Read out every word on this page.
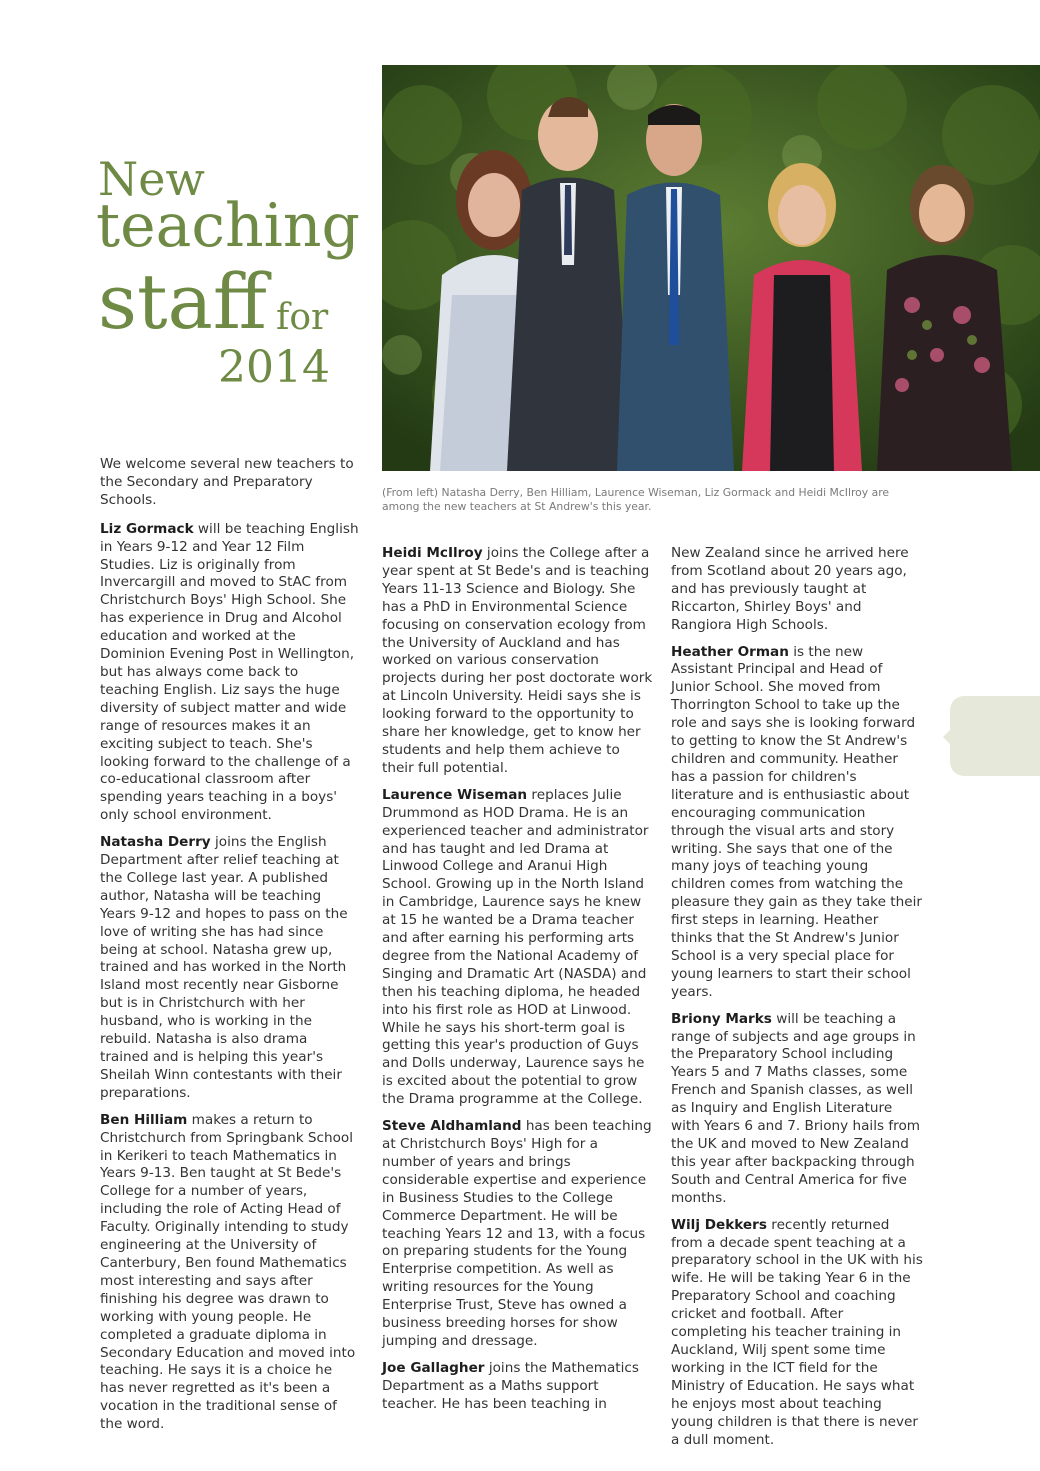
New
teaching
staff for
2014
(From left) Natasha Derry, Ben Hilliam, Laurence Wiseman, Liz Gormack and Heidi McIlroy are among the new teachers at St Andrew's this year.

We welcome several new teachers to the Secondary and Preparatory Schools.

Liz Gormack will be teaching English in Years 9-12 and Year 12 Film Studies. Liz is originally from Invercargill and moved to StAC from Christchurch Boys' High School. She has experience in Drug and Alcohol education and worked at the Dominion Evening Post in Wellington, but has always come back to teaching English. Liz says the huge diversity of subject matter and wide range of resources makes it an exciting subject to teach. She's looking forward to the challenge of a co-educational classroom after spending years teaching in a boys' only school environment.

Natasha Derry joins the English Department after relief teaching at the College last year. A published author, Natasha will be teaching Years 9-12 and hopes to pass on the love of writing she has had since being at school. Natasha grew up, trained and has worked in the North Island most recently near Gisborne but is in Christchurch with her husband, who is working in the rebuild. Natasha is also drama trained and is helping this year's Sheilah Winn contestants with their preparations.

Ben Hilliam makes a return to Christchurch from Springbank School in Kerikeri to teach Mathematics in Years 9-13. Ben taught at St Bede's College for a number of years, including the role of Acting Head of Faculty. Originally intending to study engineering at the University of Canterbury, Ben found Mathematics most interesting and says after finishing his degree was drawn to working with young people. He completed a graduate diploma in Secondary Education and moved into teaching. He says it is a choice he has never regretted as it's been a vocation in the traditional sense of the word.

Heidi McIlroy joins the College after a year spent at St Bede's and is teaching Years 11-13 Science and Biology. She has a PhD in Environmental Science focusing on conservation ecology from the University of Auckland and has worked on various conservation projects during her post doctorate work at Lincoln University. Heidi says she is looking forward to the opportunity to share her knowledge, get to know her students and help them achieve to their full potential.

Laurence Wiseman replaces Julie Drummond as HOD Drama. He is an experienced teacher and administrator and has taught and led Drama at Linwood College and Aranui High School. Growing up in the North Island in Cambridge, Laurence says he knew at 15 he wanted be a Drama teacher and after earning his performing arts degree from the National Academy of Singing and Dramatic Art (NASDA) and then his teaching diploma, he headed into his first role as HOD at Linwood. While he says his short-term goal is getting this year's production of Guys and Dolls underway, Laurence says he is excited about the potential to grow the Drama programme at the College.

Steve Aldhamland has been teaching at Christchurch Boys' High for a number of years and brings considerable expertise and experience in Business Studies to the College Commerce Department. He will be teaching Years 12 and 13, with a focus on preparing students for the Young Enterprise competition. As well as writing resources for the Young Enterprise Trust, Steve has owned a business breeding horses for show jumping and dressage.

Joe Gallagher joins the Mathematics Department as a Maths support teacher. He has been teaching in

New Zealand since he arrived here from Scotland about 20 years ago, and has previously taught at Riccarton, Shirley Boys' and Rangiora High Schools.

Heather Orman is the new Assistant Principal and Head of Junior School. She moved from Thorrington School to take up the role and says she is looking forward to getting to know the St Andrew's children and community. Heather has a passion for children's literature and is enthusiastic about encouraging communication through the visual arts and story writing. She says that one of the many joys of teaching young children comes from watching the pleasure they gain as they take their first steps in learning. Heather thinks that the St Andrew's Junior School is a very special place for young learners to start their school years.

Briony Marks will be teaching a range of subjects and age groups in the Preparatory School including Years 5 and 7 Maths classes, some French and Spanish classes, as well as Inquiry and English Literature with Years 6 and 7. Briony hails from the UK and moved to New Zealand this year after backpacking through South and Central America for five months.

Wilj Dekkers recently returned from a decade spent teaching at a preparatory school in the UK with his wife. He will be taking Year 6 in the Preparatory School and coaching cricket and football. After completing his teacher training in Auckland, Wilj spent some time working in the ICT field for the Ministry of Education. He says what he enjoys most about teaching young children is that there is never a dull moment.
